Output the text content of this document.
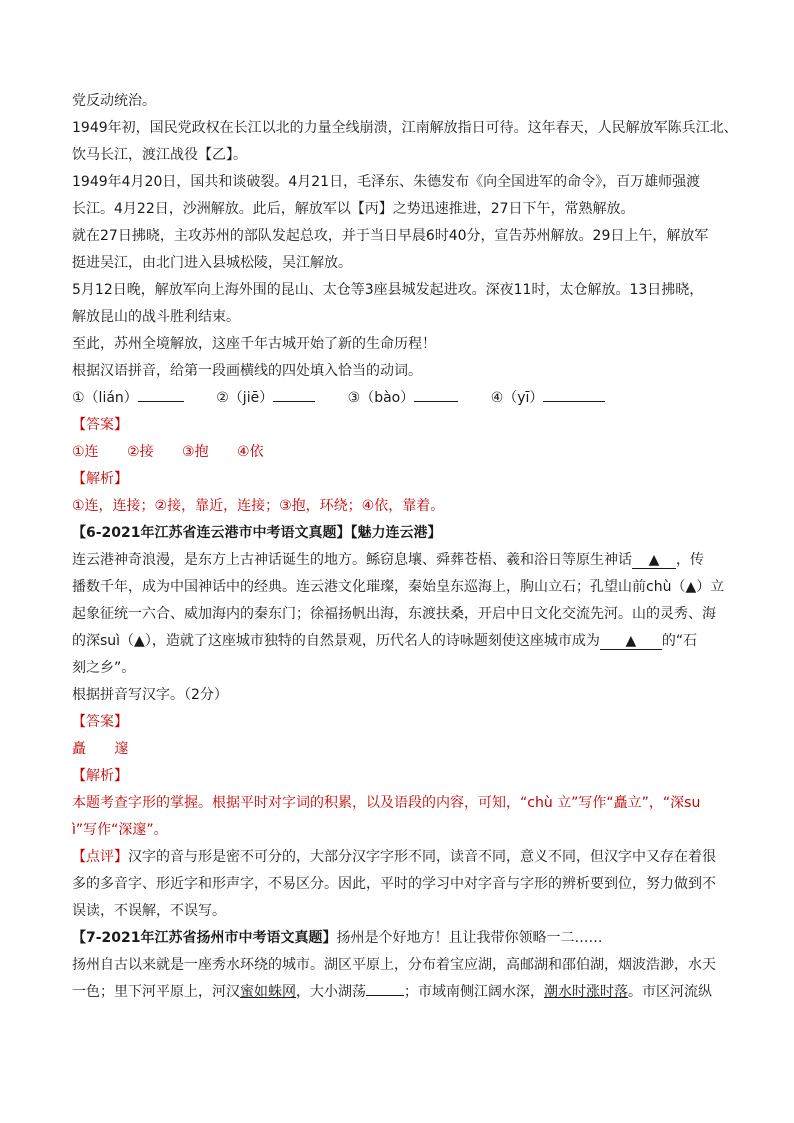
党反动统治。
1949年初，国民党政权在长江以北的力量全线崩溃，江南解放指日可待。这年春天，人民解放军陈兵江北、
饮马长江，渡江战役【乙】。
1949年4月20日，国共和谈破裂。4月21日，毛泽东、朱德发布《向全国进军的命令》，百万雄师强渡
长江。4月22日，沙洲解放。此后，解放军以【丙】之势迅速推进，27日下午，常熟解放。
就在27日拂晓，主攻苏州的部队发起总攻，并于当日早晨6时40分，宣告苏州解放。29日上午，解放军
挺进吴江，由北门进入县城松陵，吴江解放。
5月12日晚，解放军向上海外围的昆山、太仓等3座县城发起进攻。深夜11时，太仓解放。13日拂晓，
解放昆山的战斗胜利结束。
至此，苏州全境解放，这座千年古城开始了新的生命历程！
根据汉语拼音，给第一段画横线的四处填入恰当的动词。
①（lián）	②（jiē）	③（bào）	④（yī）
【答案】
①连 ②接 ③抱 ④依
【解析】
①连，连接；②接，靠近，连接；③抱，环绕；④依，靠着。
【6-2021年江苏省连云港市中考语文真题】【魅力连云港】
连云港神奇浪漫，是东方上古神话诞生的地方。鲧窃息壤、舜葬苍梧、羲和浴日等原生神话 ▲ ，传
播数千年，成为中国神话中的经典。连云港文化璀璨，秦始皇东巡海上，朐山立石；孔望山前chù（▲）立
起象征统一六合、威加海内的秦东门；徐福扬帆出海，东渡扶桑，开启中日文化交流先河。山的灵秀、海
的深suì（▲），造就了这座城市独特的自然景观，历代名人的诗咏题刻使这座城市成为 ▲ 的“石
刻之乡”。
根据拼音写汉字。（2分）
【答案】
矗 邃
【解析】
本题考查字形的掌握。根据平时对字词的积累，以及语段的内容，可知，“chù 立”写作“矗立”，“深su
ì”写作“深邃”。
【点评】汉字的音与形是密不可分的，大部分汉字字形不同，读音不同，意义不同，但汉字中又存在着很
多的多音字、形近字和形声字，不易区分。因此，平时的学习中对字音与字形的辨析要到位，努力做到不
误读，不误解，不误写。
【7-2021年江苏省扬州市中考语文真题】扬州是个好地方！且让我带你领略一二……
扬州自古以来就是一座秀水环绕的城市。湖区平原上，分布着宝应湖，高邮湖和邵伯湖，烟波浩渺，水天
一色；里下河平原上，河汉蜜如蛛网，大小湖荡	；市域南侧江阔水深，潮水时涨时落。市区河流纵
